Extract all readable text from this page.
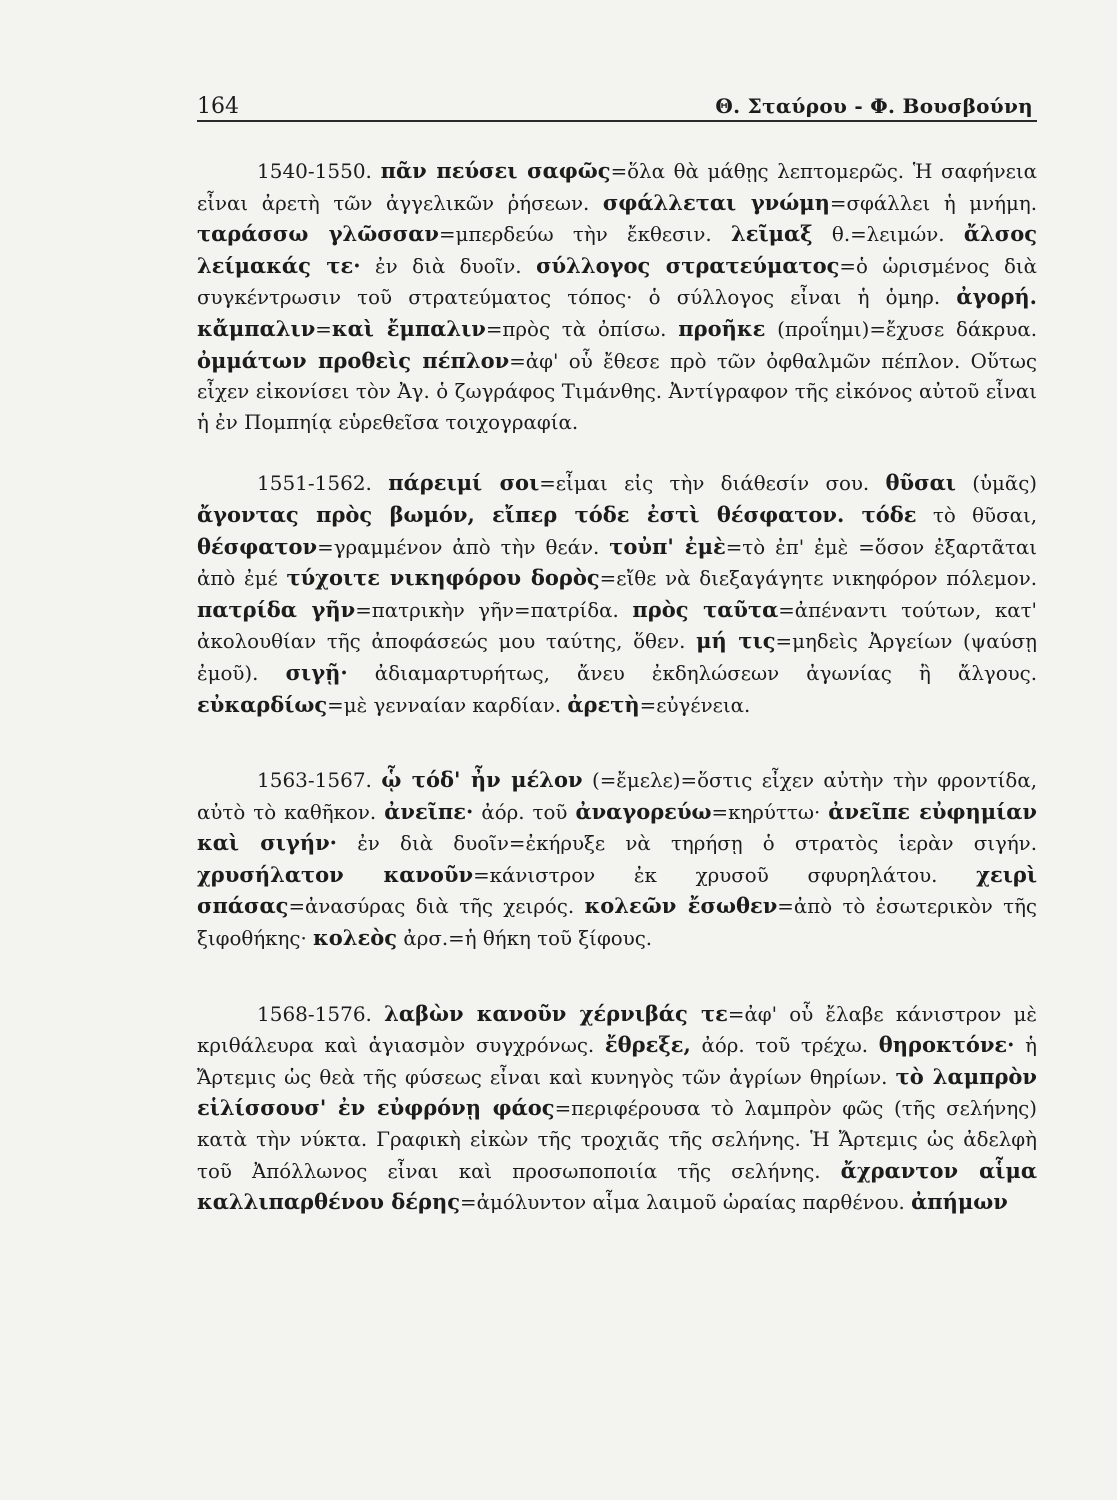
164	Θ. Σταύρου - Φ. Βουσβούνη

1540-1550. πᾶν πεύσει σαφῶς=ὅλα θὰ μάθῃς λεπτομερῶς. Ἡ σαφήνεια εἶναι ἀρετὴ τῶν ἀγγελικῶν ῥήσεων. σφάλλεται γνώμη=σφάλλει ἡ μνήμη. ταράσσω γλῶσσαν=μπερδεύω τὴν ἔκθεσιν. λεῖμαξ θ.=λειμών. ἄλσος λείμακάς τε· ἐν διὰ δυοῖν. σύλλογος στρατεύματος=ὁ ὡρισμένος διὰ συγκέντρωσιν τοῦ στρατεύματος τόπος· ὁ σύλλογος εἶναι ἡ ὁμηρ. ἀγορή. κἄμπαλιν=καὶ ἔμπαλιν=πρὸς τὰ ὀπίσω. προῆκε (προΐημι)=ἔχυσε δάκρυα. ὀμμάτων προθεὶς πέπλον=ἀφ' οὗ ἔθεσε πρὸ τῶν ὀφθαλμῶν πέπλον. Οὕτως εἶχεν εἰκονίσει τὸν Ἀγ. ὁ ζωγράφος Τιμάνθης. Ἀντίγραφον τῆς εἰκόνος αὐτοῦ εἶναι ἡ ἐν Πομπηίᾳ εὑρεθεῖσα τοιχογραφία.

1551-1562. πάρειμί σοι=εἶμαι εἰς τὴν διάθεσίν σου. θῦσαι (ὑμᾶς) ἄγοντας πρὸς βωμόν, εἴπερ τόδε ἐστὶ θέσφατον. τόδε τὸ θῦσαι, θέσφατον=γραμμένον ἀπὸ τὴν θεάν. τοὐπ' ἐμὲ=τὸ ἐπ' ἐμὲ =ὅσον ἐξαρτᾶται ἀπὸ ἐμέ τύχοιτε νικηφόρου δορὸς=εἴθε νὰ διεξαγάγητε νικηφόρον πόλεμον. πατρίδα γῆν=πατρικὴν γῆν=πατρίδα. πρὸς ταῦτα=ἀπέναντι τούτων, κατ' ἀκολουθίαν τῆς ἀποφάσεώς μου ταύτης, ὅθεν. μή τις=μηδεὶς Ἀργείων (ψαύσῃ ἐμοῦ). σιγῇ· ἀδιαμαρτυρήτως, ἄνευ ἐκδηλώσεων ἀγωνίας ἢ ἄλγους. εὐκαρδίως=μὲ γενναίαν καρδίαν. ἀρετὴ=εὐγένεια.

1563-1567. ᾧ τόδ' ἦν μέλον (=ἔμελε)=ὅστις εἶχεν αὐτὴν τὴν φροντίδα, αὐτὸ τὸ καθῆκον. ἀνεῖπε· ἀόρ. τοῦ ἀναγορεύω=κηρύττω· ἀνεῖπε εὐφημίαν καὶ σιγήν· ἐν διὰ δυοῖν=ἐκήρυξε νὰ τηρήσῃ ὁ στρατὸς ἱερὰν σιγήν. χρυσήλατον κανοῦν=κάνιστρον ἐκ χρυσοῦ σφυρηλάτου. χειρὶ σπάσας=ἀνασύρας διὰ τῆς χειρός. κολεῶν ἔσωθεν=ἀπὸ τὸ ἐσωτερικὸν τῆς ξιφοθήκης· κολεὸς ἀρσ.=ἡ θήκη τοῦ ξίφους.

1568-1576. λαβὼν κανοῦν χέρνιβάς τε=ἀφ' οὗ ἔλαβε κάνιστρον μὲ κριθάλευρα καὶ ἁγιασμὸν συγχρόνως. ἔθρεξε, ἀόρ. τοῦ τρέχω. θηροκτόνε· ἡ Ἄρτεμις ὡς θεὰ τῆς φύσεως εἶναι καὶ κυνηγὸς τῶν ἀγρίων θηρίων. τὸ λαμπρὸν εἱλίσσουσ' ἐν εὐφρόνῃ φάος=περιφέρουσα τὸ λαμπρὸν φῶς (τῆς σελήνης) κατὰ τὴν νύκτα. Γραφικὴ εἰκὼν τῆς τροχιᾶς τῆς σελήνης. Ἡ Ἄρτεμις ὡς ἀδελφὴ τοῦ Ἀπόλλωνος εἶναι καὶ προσωποποιία τῆς σελήνης. ἄχραντον αἷμα καλλιπαρθένου δέρης=ἀμόλυντον αἷμα λαιμοῦ ὡραίας παρθένου. ἀπήμων
